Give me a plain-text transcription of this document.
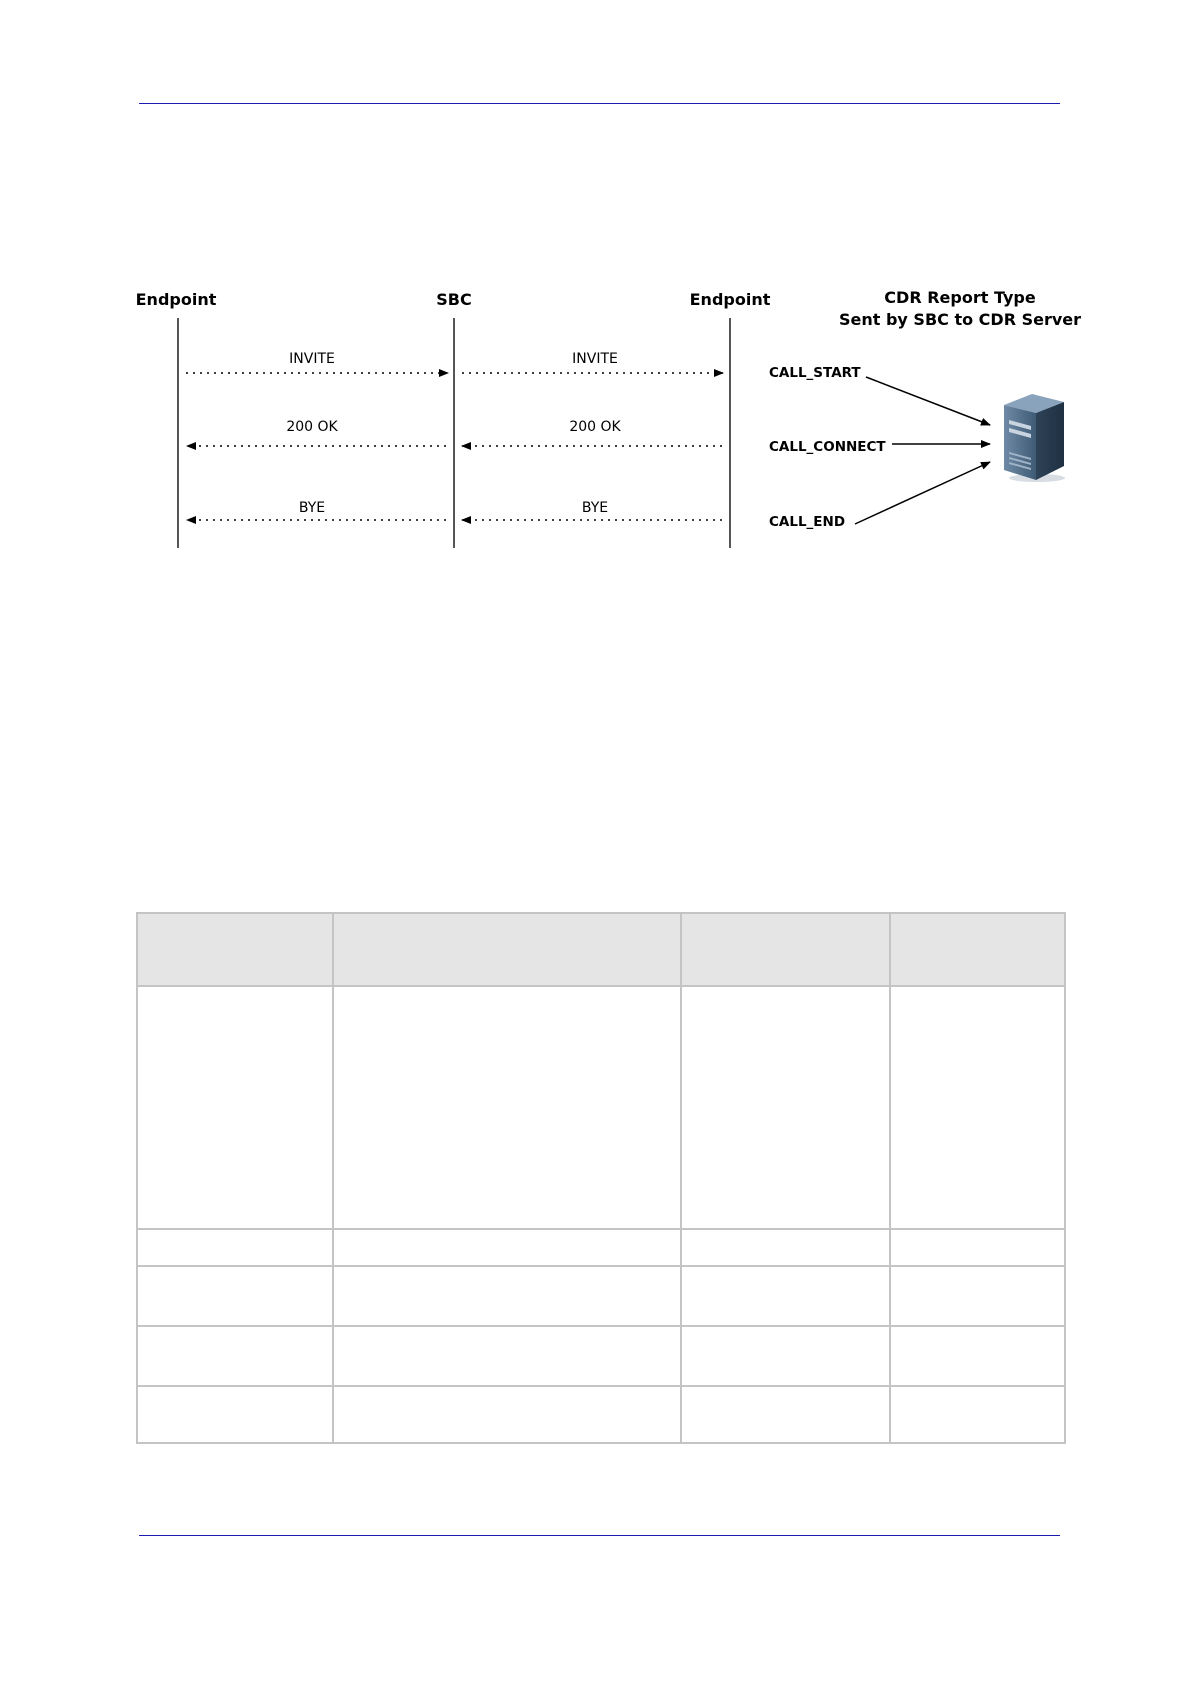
Endpoint	SBC	Endpoint	CDR Report Type
Sent by SBC to CDR Server
INVITE	INVITE
200 OK	200 OK
BYE	BYE
CALL_START
CALL_CONNECT
CALL_END
